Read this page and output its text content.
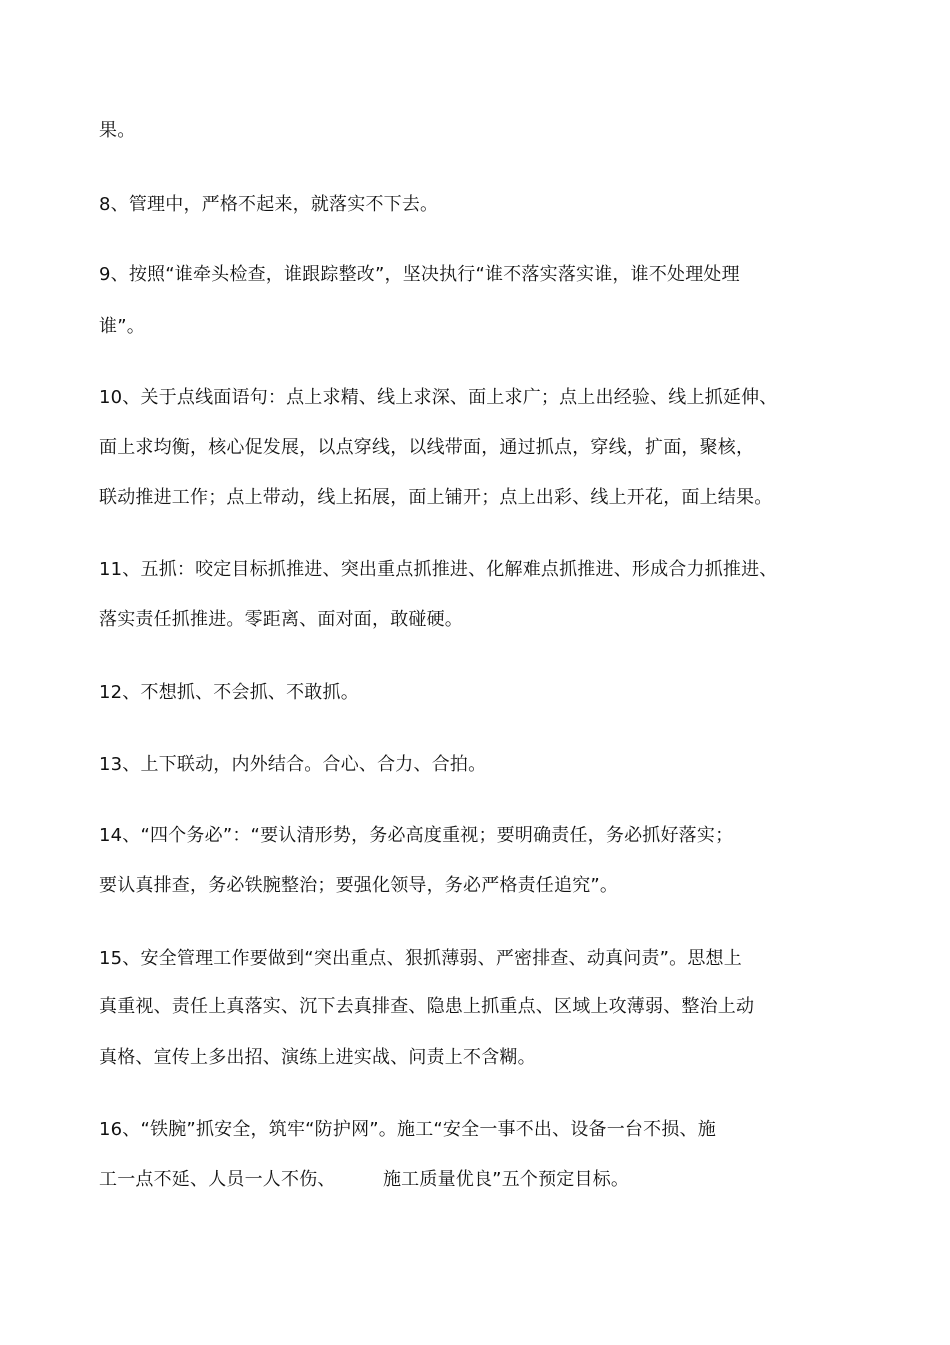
果。
8、管理中，严格不起来，就落实不下去。
9、按照“谁牵头检查，谁跟踪整改”，坚决执行“谁不落实落实谁，谁不处理处理
谁”。
10、关于点线面语句：点上求精、线上求深、面上求广；点上出经验、线上抓延伸、
面上求均衡，核心促发展，以点穿线，以线带面，通过抓点，穿线，扩面，聚核，
联动推进工作；点上带动，线上拓展，面上铺开；点上出彩、线上开花，面上结果。
11、五抓：咬定目标抓推进、突出重点抓推进、化解难点抓推进、形成合力抓推进、
落实责任抓推进。零距离、面对面，敢碰硬。
12、不想抓、不会抓、不敢抓。
13、上下联动，内外结合。合心、合力、合拍。
14、“四个务必”：“要认清形势，务必高度重视；要明确责任，务必抓好落实；
要认真排查，务必铁腕整治；要强化领导，务必严格责任追究”。
15、安全管理工作要做到“突出重点、狠抓薄弱、严密排查、动真问责”。思想上
真重视、责任上真落实、沉下去真排查、隐患上抓重点、区域上攻薄弱、整治上动
真格、宣传上多出招、演练上进实战、问责上不含糊。
16、“铁腕”抓安全，筑牢“防护网”。施工“安全一事不出、设备一台不损、施
工一点不延、人员一人不伤、        施工质量优良”五个预定目标。
